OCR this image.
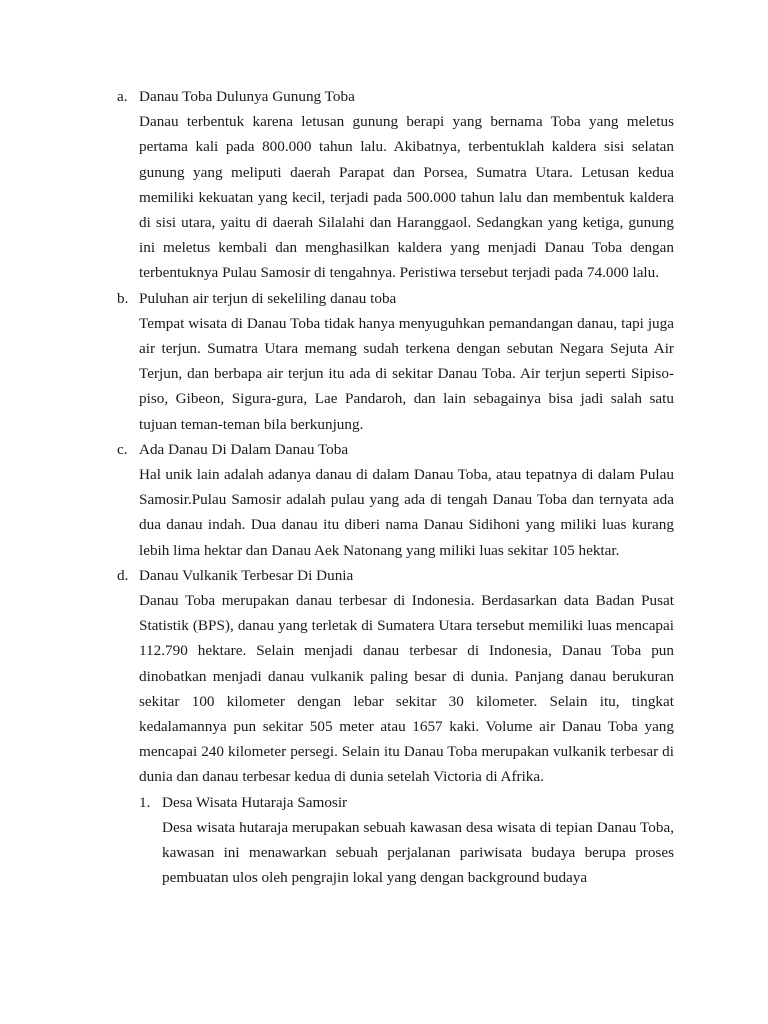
a. Danau Toba Dulunya Gunung Toba
Danau terbentuk karena letusan gunung berapi yang bernama Toba yang meletus pertama kali pada 800.000 tahun lalu. Akibatnya, terbentuklah kaldera sisi selatan gunung yang meliputi daerah Parapat dan Porsea, Sumatra Utara. Letusan kedua memiliki kekuatan yang kecil, terjadi pada 500.000 tahun lalu dan membentuk kaldera di sisi utara, yaitu di daerah Silalahi dan Haranggaol. Sedangkan yang ketiga, gunung ini meletus kembali dan menghasilkan kaldera yang menjadi Danau Toba dengan terbentuknya Pulau Samosir di tengahnya. Peristiwa tersebut terjadi pada 74.000 lalu.
b. Puluhan air terjun di sekeliling danau toba
Tempat wisata di Danau Toba tidak hanya menyuguhkan pemandangan danau, tapi juga air terjun. Sumatra Utara memang sudah terkena dengan sebutan Negara Sejuta Air Terjun, dan berbapa air terjun itu ada di sekitar Danau Toba. Air terjun seperti Sipiso-piso, Gibeon, Sigura-gura, Lae Pandaroh, dan lain sebagainya bisa jadi salah satu tujuan teman-teman bila berkunjung.
c. Ada Danau Di Dalam Danau Toba
Hal unik lain adalah adanya danau di dalam Danau Toba, atau tepatnya di dalam Pulau Samosir.Pulau Samosir adalah pulau yang ada di tengah Danau Toba dan ternyata ada dua danau indah. Dua danau itu diberi nama Danau Sidihoni yang miliki luas kurang lebih lima hektar dan Danau Aek Natonang yang miliki luas sekitar 105 hektar.
d. Danau Vulkanik Terbesar Di Dunia
Danau Toba merupakan danau terbesar di Indonesia. Berdasarkan data Badan Pusat Statistik (BPS), danau yang terletak di Sumatera Utara tersebut memiliki luas mencapai 112.790 hektare. Selain menjadi danau terbesar di Indonesia, Danau Toba pun dinobatkan menjadi danau vulkanik paling besar di dunia. Panjang danau berukuran sekitar 100 kilometer dengan lebar sekitar 30 kilometer. Selain itu, tingkat kedalamannya pun sekitar 505 meter atau 1657 kaki. Volume air Danau Toba yang mencapai 240 kilometer persegi. Selain itu Danau Toba merupakan vulkanik terbesar di dunia dan danau terbesar kedua di dunia setelah Victoria di Afrika.
1. Desa Wisata Hutaraja Samosir
Desa wisata hutaraja merupakan sebuah kawasan desa wisata di tepian Danau Toba, kawasan ini menawarkan sebuah perjalanan pariwisata budaya berupa proses pembuatan ulos oleh pengrajin lokal yang dengan background budaya
